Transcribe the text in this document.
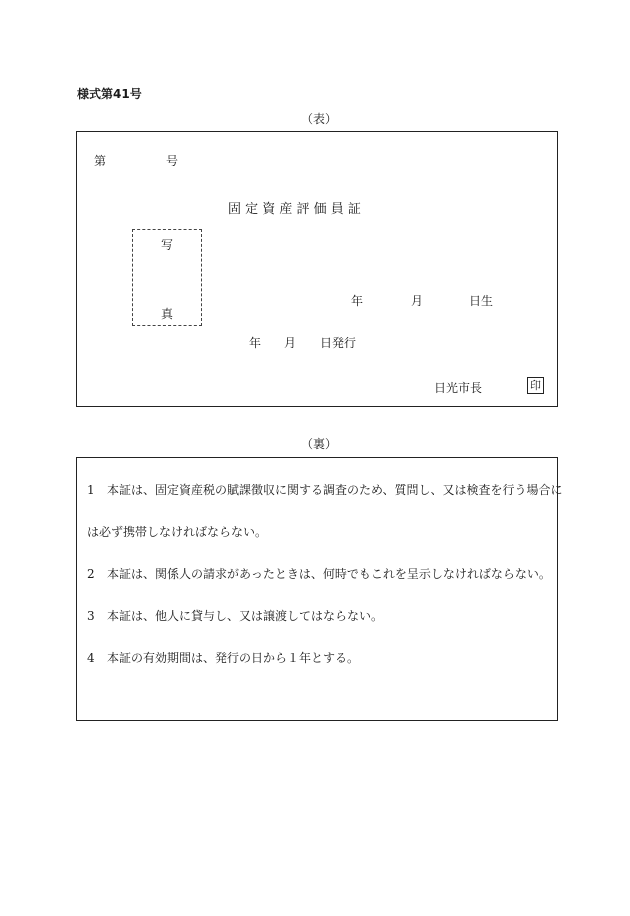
様式第41号
（表）
第	号
固 定 資 産 評 価 員 証
写
真
年	月	日生
年 月 日発行
日光市長	印
（裏）
1 本証は、固定資産税の賦課徴収に関する調査のため、質問し、又は検査を行う場合に
は必ず携帯しなければならない。
2 本証は、関係人の請求があったときは、何時でもこれを呈示しなければならない。
3 本証は、他人に貸与し、又は譲渡してはならない。
4 本証の有効期間は、発行の日から１年とする。
